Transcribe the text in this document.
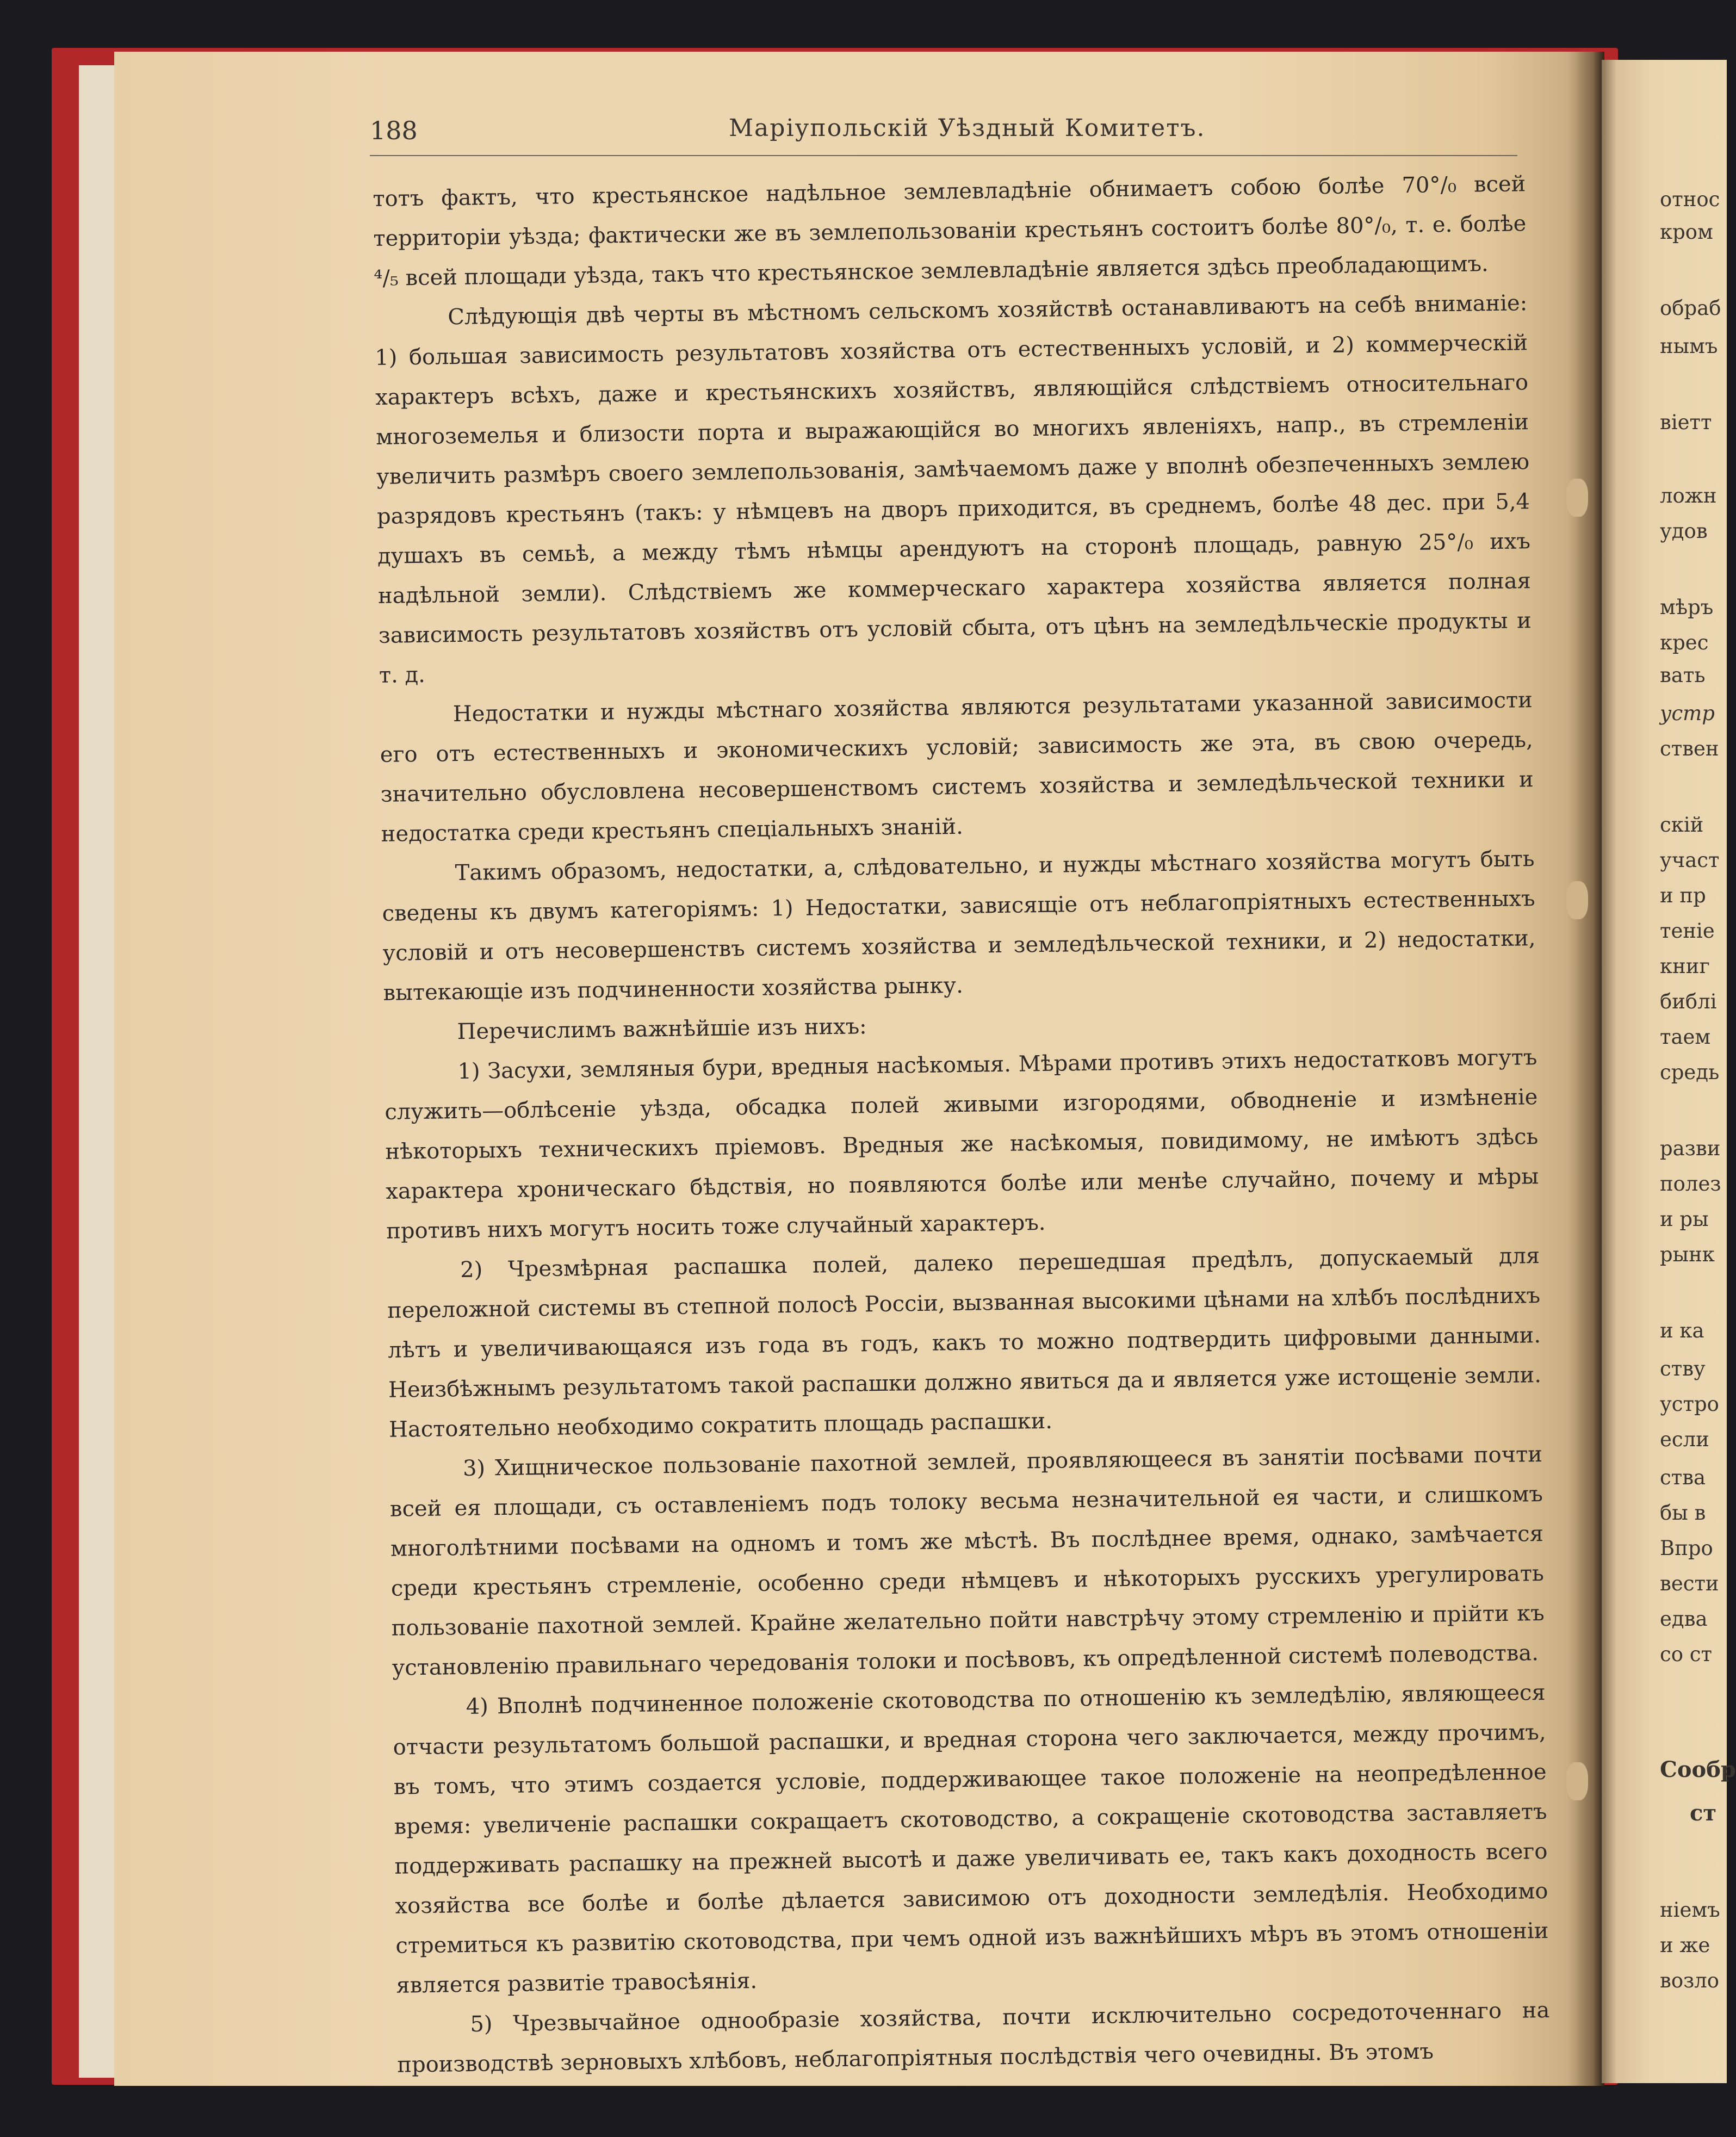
188	Маріупольскій Уѣздный Комитетъ.

тотъ фактъ, что крестьянское надѣльное землевладѣніе обнимаетъ собою болѣе 70°/₀ всей территоріи уѣзда; фактически же въ землепользованіи крестьянъ состоитъ болѣе 80°/₀, т. е. болѣе ⁴/₅ всей площади уѣзда, такъ что крестьянское землевладѣніе является здѣсь преобладающимъ.

Слѣдующія двѣ черты въ мѣстномъ сельскомъ хозяйствѣ останавливаютъ на себѣ вниманіе: 1) большая зависимость результатовъ хозяйства отъ естественныхъ условій, и 2) коммерческій характеръ всѣхъ, даже и крестьянскихъ хозяйствъ, являющійся слѣдствіемъ относительнаго многоземелья и близости порта и выражающійся во многихъ явленіяхъ, напр., въ стремленіи увеличить размѣръ своего землепользованія, замѣчаемомъ даже у вполнѣ обезпеченныхъ землею разрядовъ крестьянъ (такъ: у нѣмцевъ на дворъ приходится, въ среднемъ, болѣе 48 дес. при 5,4 душахъ въ семьѣ, а между тѣмъ нѣмцы арендуютъ на сторонѣ площадь, равную 25°/₀ ихъ надѣльной земли). Слѣдствіемъ же коммерческаго характера хозяйства является полная зависимость результатовъ хозяйствъ отъ условій сбыта, отъ цѣнъ на земледѣльческіе продукты и т. д.

Недостатки и нужды мѣстнаго хозяйства являются результатами указанной зависимости его отъ естественныхъ и экономическихъ условій; зависимость же эта, въ свою очередь, значительно обусловлена несовершенствомъ системъ хозяйства и земледѣльческой техники и недостатка среди крестьянъ спеціальныхъ знаній.

Такимъ образомъ, недостатки, а, слѣдовательно, и нужды мѣстнаго хозяйства могутъ быть сведены къ двумъ категоріямъ: 1) Недостатки, зависящіе отъ неблагопріятныхъ естественныхъ условій и отъ несовершенствъ системъ хозяйства и земледѣльческой техники, и 2) недостатки, вытекающіе изъ подчиненности хозяйства рынку.

Перечислимъ важнѣйшіе изъ нихъ:

1) Засухи, земляныя бури, вредныя насѣкомыя. Мѣрами противъ этихъ недостатковъ могутъ служить—облѣсеніе уѣзда, обсадка полей живыми изгородями, обводненіе и измѣненіе нѣкоторыхъ техническихъ пріемовъ. Вредныя же насѣкомыя, повидимому, не имѣютъ здѣсь характера хроническаго бѣдствія, но появляются болѣе или менѣе случайно, почему и мѣры противъ нихъ могутъ носить тоже случайный характеръ.

2) Чрезмѣрная распашка полей, далеко перешедшая предѣлъ, допускаемый для переложной системы въ степной полосѣ Россіи, вызванная высокими цѣнами на хлѣбъ послѣднихъ лѣтъ и увеличивающаяся изъ года въ годъ, какъ то можно подтвердить цифровыми данными. Неизбѣжнымъ результатомъ такой распашки должно явиться да и является уже истощеніе земли. Настоятельно необходимо сократить площадь распашки.

3) Хищническое пользованіе пахотной землей, проявляющееся въ занятіи посѣвами почти всей ея площади, съ оставленіемъ подъ толоку весьма незначительной ея части, и слишкомъ многолѣтними посѣвами на одномъ и томъ же мѣстѣ. Въ послѣднее время, однако, замѣчается среди крестьянъ стремленіе, особенно среди нѣмцевъ и нѣкоторыхъ русскихъ урегулировать пользованіе пахотной землей. Крайне желательно пойти навстрѣчу этому стремленію и прійти къ установленію правильнаго чередованія толоки и посѣвовъ, къ опредѣленной системѣ полеводства.

4) Вполнѣ подчиненное положеніе скотоводства по отношенію къ земледѣлію, являющееся отчасти результатомъ большой распашки, и вредная сторона чего заключается, между прочимъ, въ томъ, что этимъ создается условіе, поддерживающее такое положеніе на неопредѣленное время: увеличеніе распашки сокращаетъ скотоводство, а сокращеніе скотоводства заставляетъ поддерживать распашку на прежней высотѣ и даже увеличивать ее, такъ какъ доходность всего хозяйства все болѣе и болѣе дѣлается зависимою отъ доходности земледѣлія. Необходимо стремиться къ развитію скотоводства, при чемъ одной изъ важнѣйшихъ мѣръ въ этомъ отношеніи является развитіе травосѣянія.

5) Чрезвычайное однообразіе хозяйства, почти исключительно сосредоточеннаго на производствѣ зерновыхъ хлѣбовъ, неблагопріятныя послѣдствія чего очевидны. Въ этомъ

относ
кром
обраб
нымъ
віетт
ложн
удов
мѣръ
крес
вать
устр
ствен
скій
участ
и пр
теніе
книг
библі
таем
средь
разви
полез
и ры
рынк
и ка
ству
устро
если
ства
бы в
Впро
вести
едва
со ст
Сообр
ст
ніемъ
и же
возло
